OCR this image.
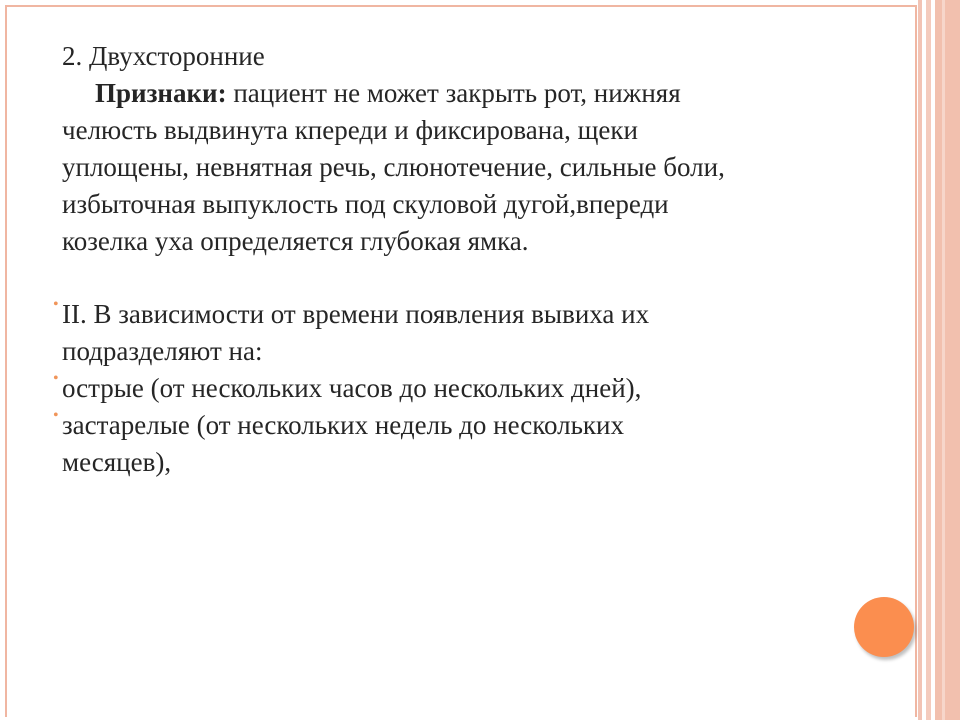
2. Двухсторонние
Признаки: пациент не может закрыть рот, нижняя
челюсть выдвинута кпереди и фиксирована, щеки
уплощены, невнятная речь, слюнотечение, сильные боли,
избыточная выпуклость под скуловой дугой,впереди
козелка уха определяется глубокая ямка.
• II. В зависимости от времени появления вывиха их
подразделяют на:
• острые (от нескольких часов до нескольких дней),
• застарелые (от нескольких недель до нескольких
месяцев),
